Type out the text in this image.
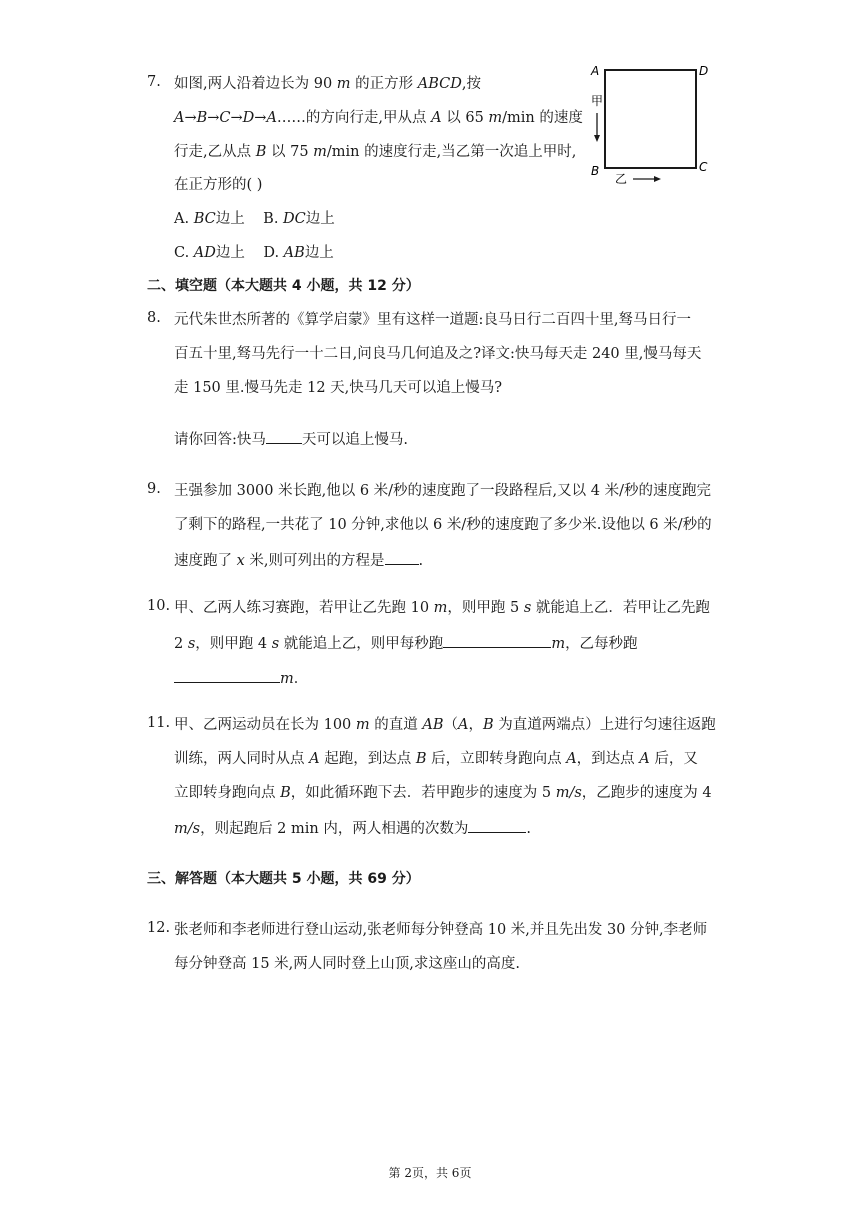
7. 如图,两人沿着边长为 90 m 的正方形 ABCD,按
A→B→C→D→A……的方向行走,甲从点 A 以 65 m/min 的速度
行走,乙从点 B 以 75 m/min 的速度行走,当乙第一次追上甲时,
在正方形的( )
A. BC边上 B. DC边上
C. AD边上 D. AB边上
A	D
B	C
甲
乙
二、填空题（本大题共 4 小题，共 12 分）
8. 元代朱世杰所著的《算学启蒙》里有这样一道题:良马日行二百四十里,驽马日行一
百五十里,驽马先行一十二日,问良马几何追及之?译文:快马每天走 240 里,慢马每天
走 150 里.慢马先走 12 天,快马几天可以追上慢马?
请你回答:快马 天可以追上慢马.
9. 王强参加 3000 米长跑,他以 6 米/秒的速度跑了一段路程后,又以 4 米/秒的速度跑完
了剩下的路程,一共花了 10 分钟,求他以 6 米/秒的速度跑了多少米.设他以 6 米/秒的
速度跑了 x 米,则可列出的方程是 .
10. 甲、乙两人练习赛跑，若甲让乙先跑 10 m，则甲跑 5 s 就能追上乙．若甲让乙先跑
2 s，则甲跑 4 s 就能追上乙，则甲每秒跑	m，乙每秒跑
m．
11. 甲、乙两运动员在长为 100 m 的直道 AB（A，B 为直道两端点）上进行匀速往返跑
训练，两人同时从点 A 起跑，到达点 B 后，立即转身跑向点 A，到达点 A 后，又
立即转身跑向点 B，如此循环跑下去．若甲跑步的速度为 5 m/s，乙跑步的速度为 4
m/s，则起跑后 2 min 内，两人相遇的次数为	.
三、解答题（本大题共 5 小题，共 69 分）
12. 张老师和李老师进行登山运动,张老师每分钟登高 10 米,并且先出发 30 分钟,李老师
每分钟登高 15 米,两人同时登上山顶,求这座山的高度.
第 2页，共 6页
